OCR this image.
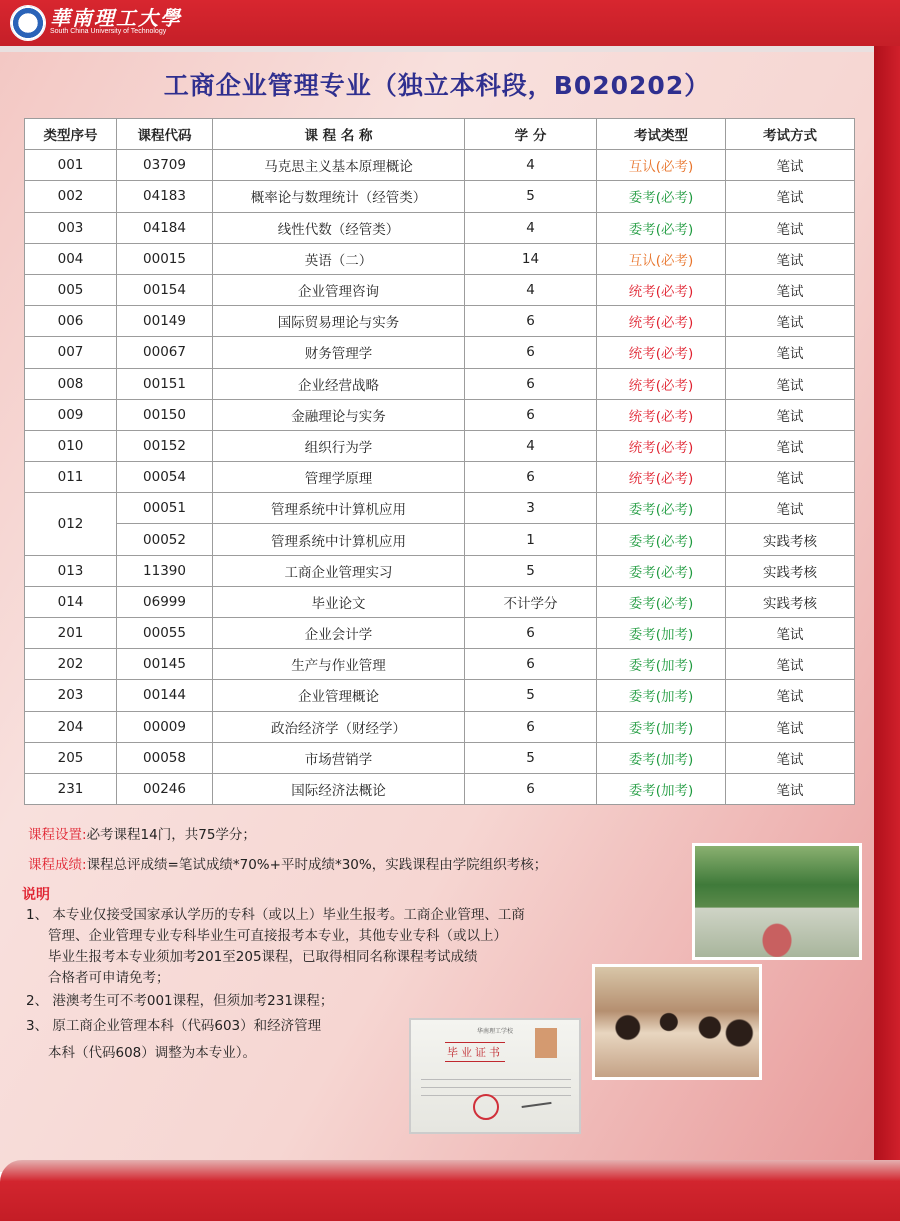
華南理工大學
South China University of Technology
工商企业管理专业（独立本科段，B020202）
类型序号	课程代码	课 程 名 称	学 分	考试类型	考试方式
001	03709	马克思主义基本原理概论	4	互认(必考)	笔试
002	04183	概率论与数理统计（经管类）	5	委考(必考)	笔试
003	04184	线性代数（经管类）	4	委考(必考)	笔试
004	00015	英语（二）	14	互认(必考)	笔试
005	00154	企业管理咨询	4	统考(必考)	笔试
006	00149	国际贸易理论与实务	6	统考(必考)	笔试
007	00067	财务管理学	6	统考(必考)	笔试
008	00151	企业经营战略	6	统考(必考)	笔试
009	00150	金融理论与实务	6	统考(必考)	笔试
010	00152	组织行为学	4	统考(必考)	笔试
011	00054	管理学原理	6	统考(必考)	笔试
012	00051	管理系统中计算机应用	3	委考(必考)	笔试
	00052	管理系统中计算机应用	1	委考(必考)	实践考核
013	11390	工商企业管理实习	5	委考(必考)	实践考核
014	06999	毕业论文	不计学分	委考(必考)	实践考核
201	00055	企业会计学	6	委考(加考)	笔试
202	00145	生产与作业管理	6	委考(加考)	笔试
203	00144	企业管理概论	5	委考(加考)	笔试
204	00009	政治经济学（财经学）	6	委考(加考)	笔试
205	00058	市场营销学	5	委考(加考)	笔试
231	00246	国际经济法概论	6	委考(加考)	笔试
课程设置:必考课程14门，共75学分；
课程成绩:课程总评成绩=笔试成绩*70%+平时成绩*30%，实践课程由学院组织考核；
说明
1、 本专业仅接受国家承认学历的专科（或以上）毕业生报考。工商企业管理、工商
管理、企业管理专业专科毕业生可直接报考本专业，其他专业专科（或以上）
毕业生报考本专业须加考201至205课程，已取得相同名称课程考试成绩
合格者可申请免考；
2、 港澳考生可不考001课程，但须加考231课程；
3、 原工商企业管理本科（代码603）和经济管理
本科（代码608）调整为本专业）。
华南理工学校
毕业证书
